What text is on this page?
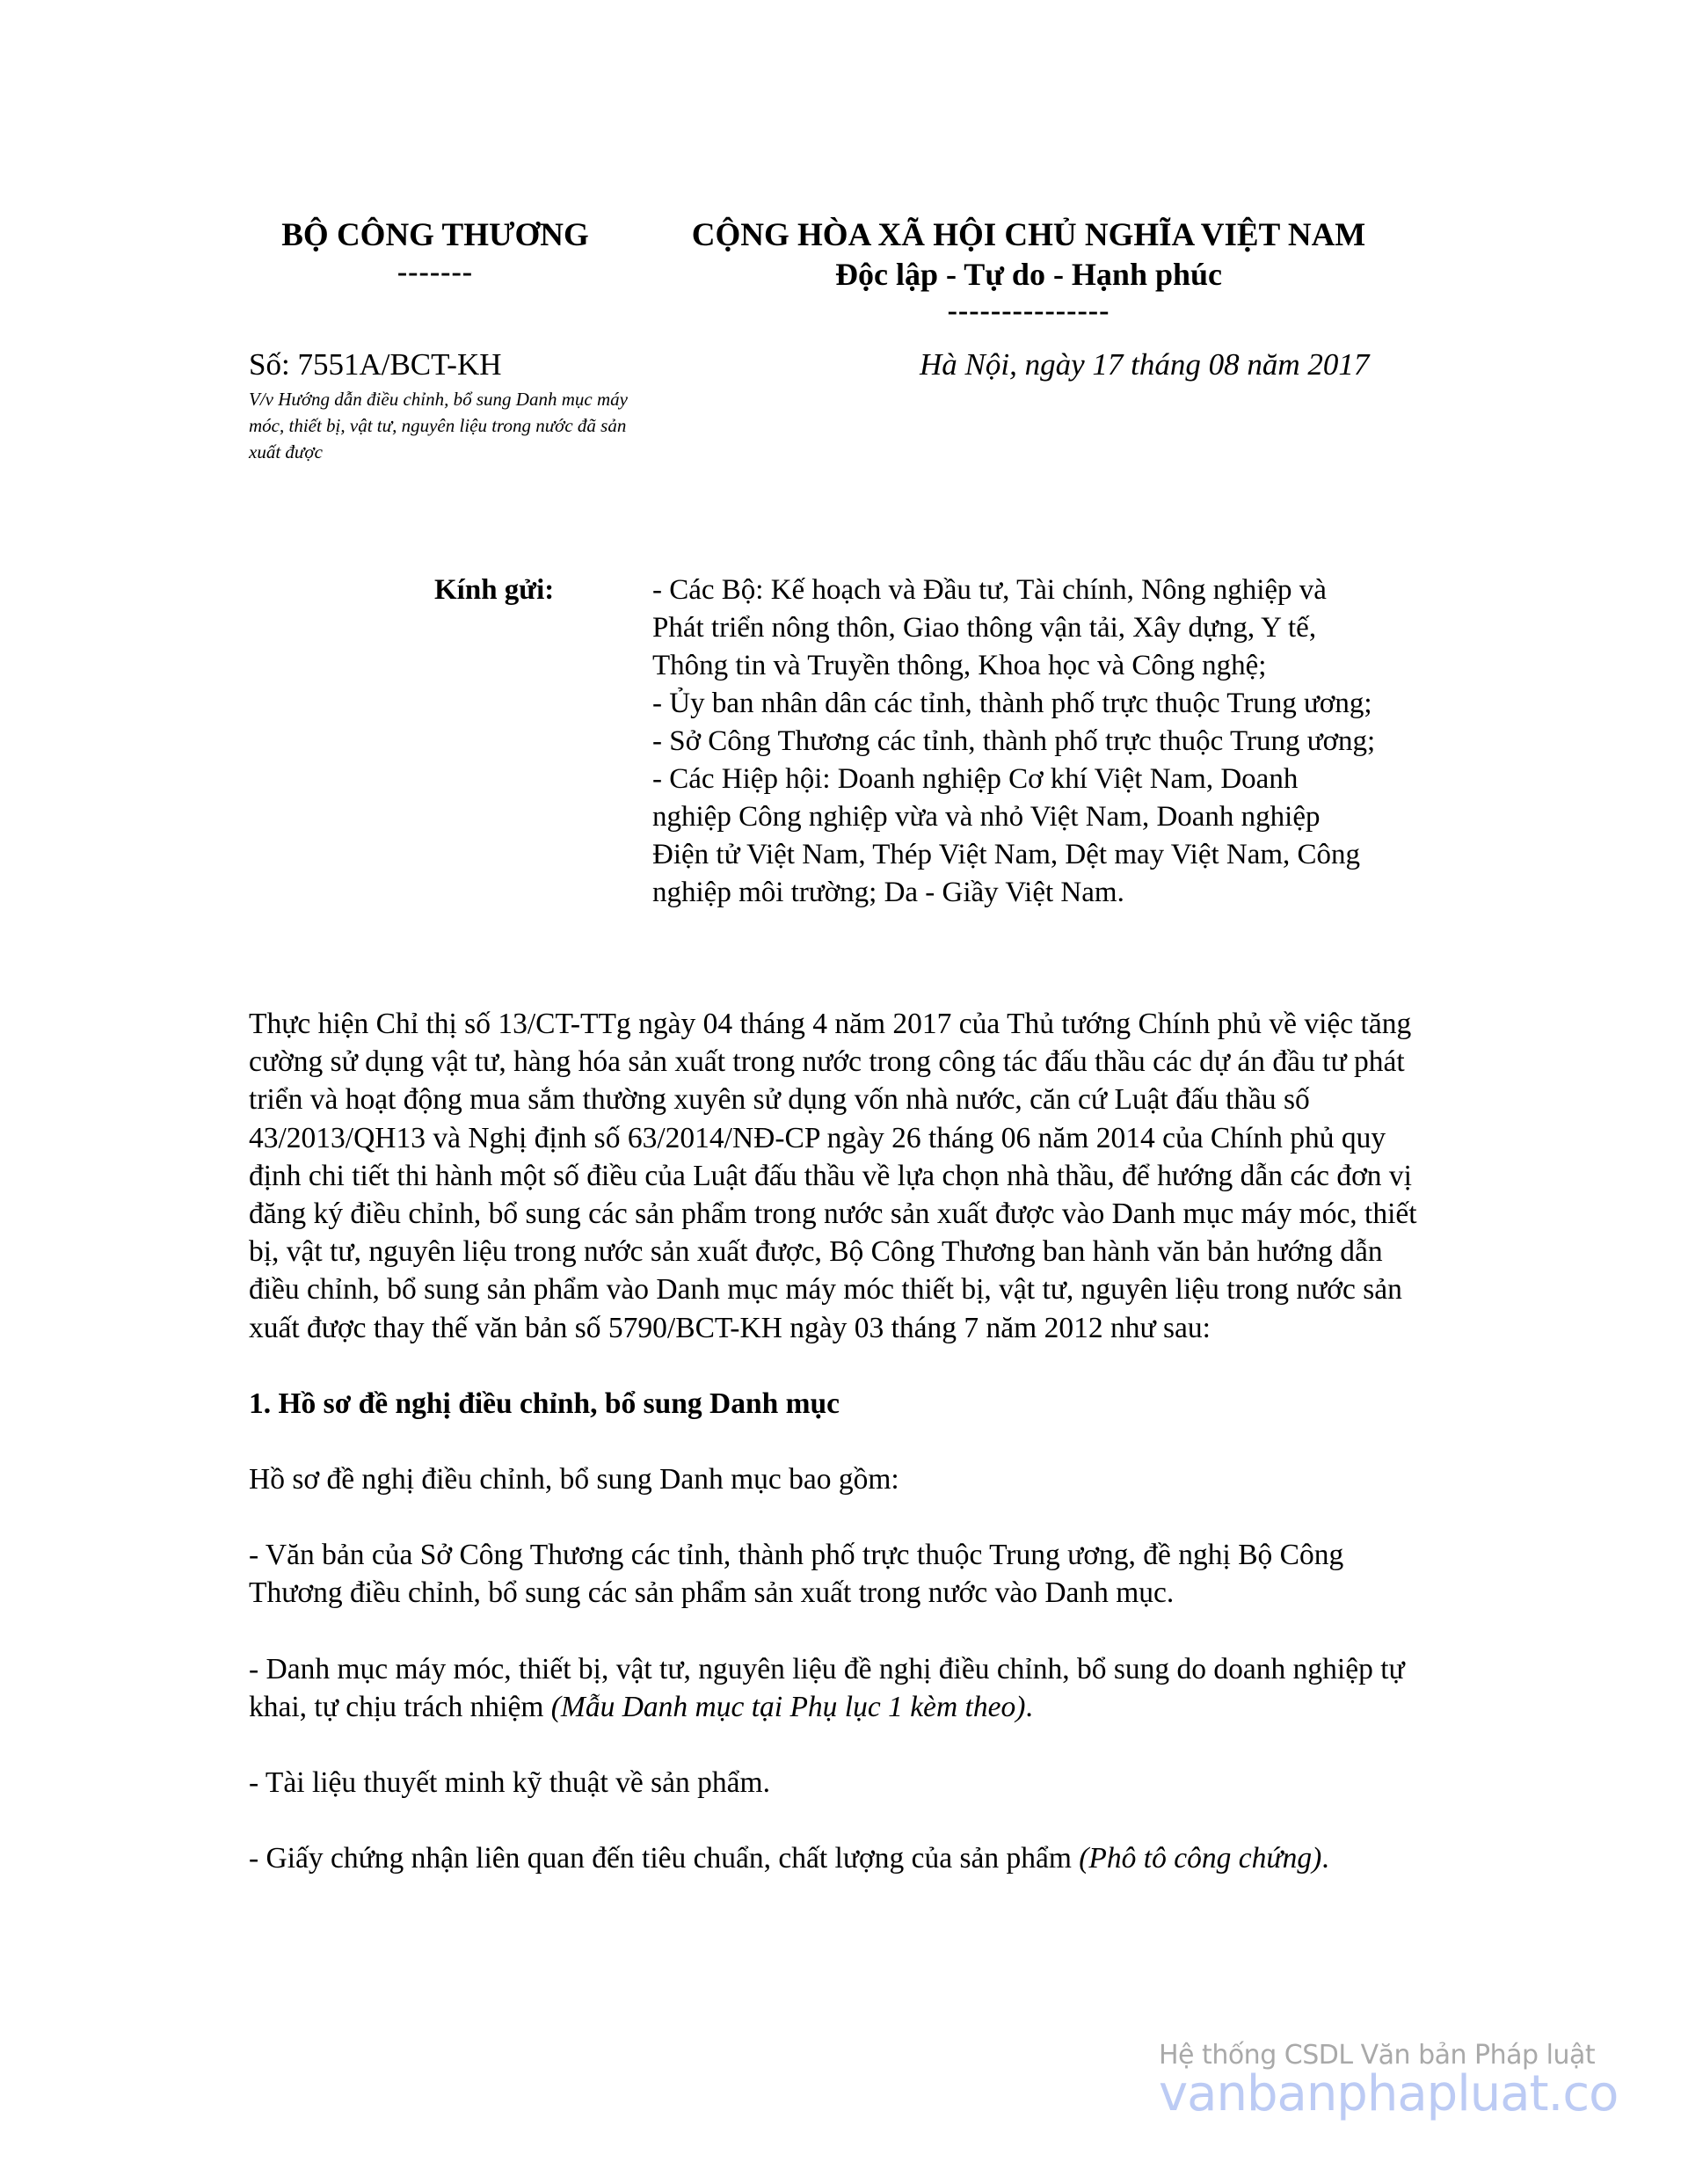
BỘ CÔNG THƯƠNG
-------
CỘNG HÒA XÃ HỘI CHỦ NGHĨA VIỆT NAM
Độc lập - Tự do - Hạnh phúc
---------------
Số: 7551A/BCT-KH
V/v Hướng dẫn điều chỉnh, bổ sung Danh mục máy móc, thiết bị, vật tư, nguyên liệu trong nước đã sản xuất được
Hà Nội, ngày 17 tháng 08 năm 2017
Kính gửi:	- Các Bộ: Kế hoạch và Đầu tư, Tài chính, Nông nghiệp và Phát triển nông thôn, Giao thông vận tải, Xây dựng, Y tế, Thông tin và Truyền thông, Khoa học và Công nghệ;

- Ủy ban nhân dân các tỉnh, thành phố trực thuộc Trung ương;

- Sở Công Thương các tỉnh, thành phố trực thuộc Trung ương;

- Các Hiệp hội: Doanh nghiệp Cơ khí Việt Nam, Doanh nghiệp Công nghiệp vừa và nhỏ Việt Nam, Doanh nghiệp Điện tử Việt Nam, Thép Việt Nam, Dệt may Việt Nam, Công nghiệp môi trường; Da - Giầy Việt Nam.

Thực hiện Chỉ thị số 13/CT-TTg ngày 04 tháng 4 năm 2017 của Thủ tướng Chính phủ về việc tăng cường sử dụng vật tư, hàng hóa sản xuất trong nước trong công tác đấu thầu các dự án đầu tư phát triển và hoạt động mua sắm thường xuyên sử dụng vốn nhà nước, căn cứ Luật đấu thầu số 43/2013/QH13 và Nghị định số 63/2014/NĐ-CP ngày 26 tháng 06 năm 2014 của Chính phủ quy định chi tiết thi hành một số điều của Luật đấu thầu về lựa chọn nhà thầu, để hướng dẫn các đơn vị đăng ký điều chỉnh, bổ sung các sản phẩm trong nước sản xuất được vào Danh mục máy móc, thiết bị, vật tư, nguyên liệu trong nước sản xuất được, Bộ Công Thương ban hành văn bản hướng dẫn điều chỉnh, bổ sung sản phẩm vào Danh mục máy móc thiết bị, vật tư, nguyên liệu trong nước sản xuất được thay thế văn bản số 5790/BCT-KH ngày 03 tháng 7 năm 2012 như sau:

1. Hồ sơ đề nghị điều chỉnh, bổ sung Danh mục

Hồ sơ đề nghị điều chỉnh, bổ sung Danh mục bao gồm:

- Văn bản của Sở Công Thương các tỉnh, thành phố trực thuộc Trung ương, đề nghị Bộ Công Thương điều chỉnh, bổ sung các sản phẩm sản xuất trong nước vào Danh mục.

- Danh mục máy móc, thiết bị, vật tư, nguyên liệu đề nghị điều chỉnh, bổ sung do doanh nghiệp tự khai, tự chịu trách nhiệm (Mẫu Danh mục tại Phụ lục 1 kèm theo).

- Tài liệu thuyết minh kỹ thuật về sản phẩm.

- Giấy chứng nhận liên quan đến tiêu chuẩn, chất lượng của sản phẩm (Phô tô công chứng).

Hệ thống CSDL Văn bản Pháp luật
vanbanphapluat.co
